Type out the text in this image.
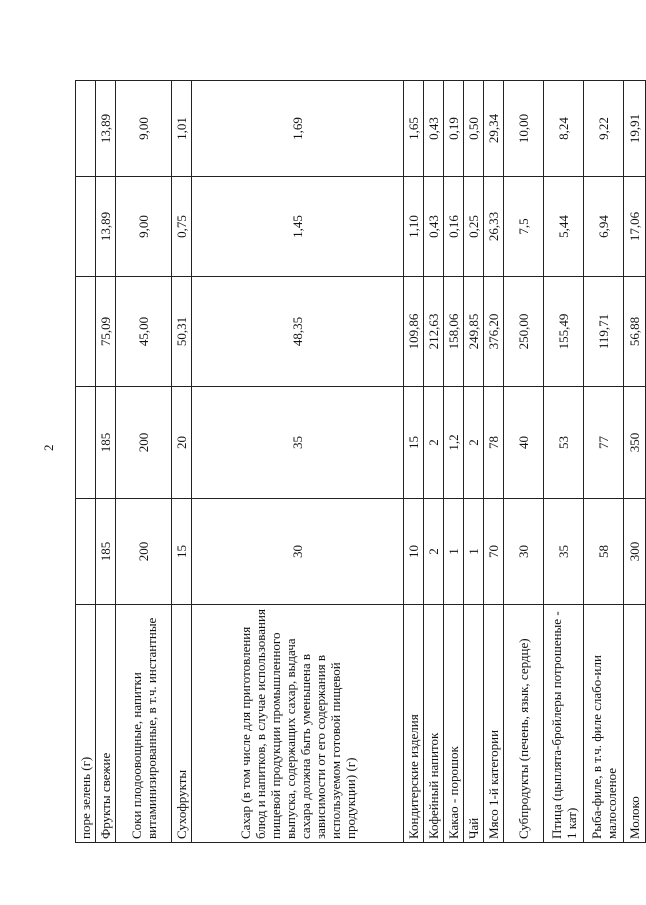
2
поре зелень (г)					
Фрукты свежие	185	185	75,09	13,89	13,89
Соки плодоовощные, напитки витаминизированные, в т.ч. инстантные	200	200	45,00	9,00	9,00
Сухофрукты	15	20	50,31	0,75	1,01
Сахар (в том числе для приготовления блюд и напитков, в случае использования пищевой продукции промышленного выпуска, содержащих сахар, выдача сахара должна быть уменьшена в зависимости от его содержания в используемом готовой пищевой продукции) (г)	30	35	48,35	1,45	1,69
Кондитерские изделия	10	15	109,86	1,10	1,65
Кофейный напиток	2	2	212,63	0,43	0,43
Какао - порошок	1	1,2	158,06	0,16	0,19
Чай	1	2	249,85	0,25	0,50
Мясо 1-й категории	70	78	376,20	26,33	29,34
Субпродукты (печень, язык, сердце)	30	40	250,00	7,5	10,00
Птица (цыплята-бройлеры потрошеные - 1 кат)	35	53	155,49	5,44	8,24
Рыба-филе, в т.ч. филе слабо-или малосоленое	58	77	119,71	6,94	9,22
Молоко	300	350	56,88	17,06	19,91
